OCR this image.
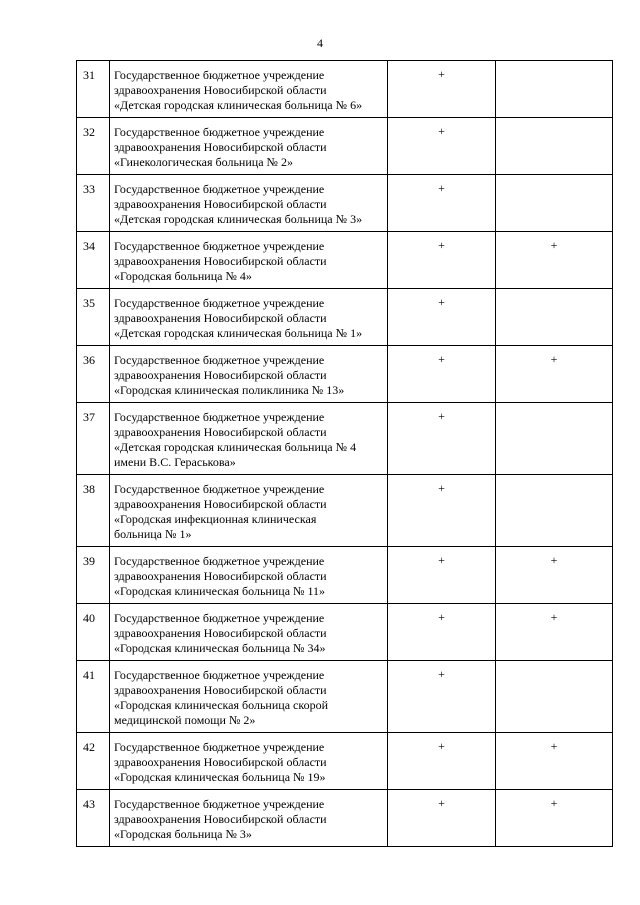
4
31	Государственное бюджетное учреждение
здравоохранения Новосибирской области
«Детская городская клиническая больница № 6»	+	
32	Государственное бюджетное учреждение
здравоохранения Новосибирской области
«Гинекологическая больница № 2»	+	
33	Государственное бюджетное учреждение
здравоохранения Новосибирской области
«Детская городская клиническая больница № 3»	+	
34	Государственное бюджетное учреждение
здравоохранения Новосибирской области
«Городская больница № 4»	+	+
35	Государственное бюджетное учреждение
здравоохранения Новосибирской области
«Детская городская клиническая больница № 1»	+	
36	Государственное бюджетное учреждение
здравоохранения Новосибирской области
«Городская клиническая поликлиника № 13»	+	+
37	Государственное бюджетное учреждение
здравоохранения Новосибирской области
«Детская городская клиническая больница № 4
имени В.С. Гераськова»	+	
38	Государственное бюджетное учреждение
здравоохранения Новосибирской области
«Городская инфекционная клиническая
больница № 1»	+	
39	Государственное бюджетное учреждение
здравоохранения Новосибирской области
«Городская клиническая больница № 11»	+	+
40	Государственное бюджетное учреждение
здравоохранения Новосибирской области
«Городская клиническая больница № 34»	+	+
41	Государственное бюджетное учреждение
здравоохранения Новосибирской области
«Городская клиническая больница скорой
медицинской помощи № 2»	+	
42	Государственное бюджетное учреждение
здравоохранения Новосибирской области
«Городская клиническая больница № 19»	+	+
43	Государственное бюджетное учреждение
здравоохранения Новосибирской области
«Городская больница № 3»	+	+
